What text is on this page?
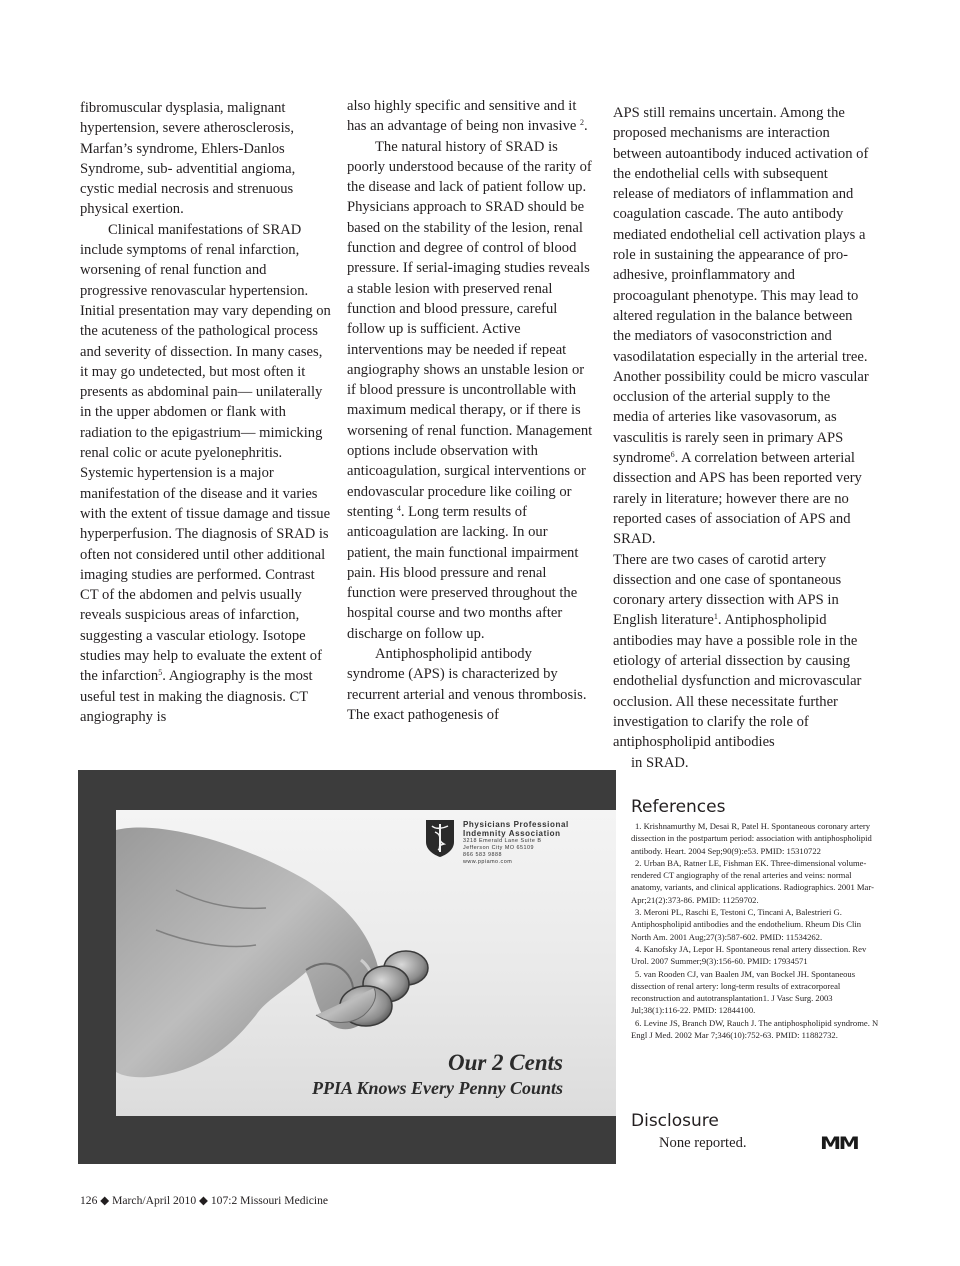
fibromuscular dysplasia, malignant hypertension, severe atherosclerosis, Marfan’s syndrome, Ehlers-Danlos Syndrome, sub- adventitial angioma, cystic medial necrosis and strenuous physical exertion.

Clinical manifestations of SRAD include symptoms of renal infarction, worsening of renal function and progressive renovascular hypertension. Initial presentation may vary depending on the acuteness of the pathological process and severity of dissection. In many cases, it may go undetected, but most often it presents as abdominal pain— unilaterally in the upper abdomen or flank with radiation to the epigastrium— mimicking renal colic or acute pyelonephritis. Systemic hypertension is a major manifestation of the disease and it varies with the extent of tissue damage and tissue hyperperfusion. The diagnosis of SRAD is often not considered until other additional imaging studies are performed. Contrast CT of the abdomen and pelvis usually reveals suspicious areas of infarction, suggesting a vascular etiology. Isotope studies may help to evaluate the extent of the infarction$^5$. Angiography is the most useful test in making the diagnosis. CT angiography is

also highly specific and sensitive and it has an advantage of being non invasive $^2$.

The natural history of SRAD is poorly understood because of the rarity of the disease and lack of patient follow up. Physicians approach to SRAD should be based on the stability of the lesion, renal function and degree of control of blood pressure. If serial-imaging studies reveals a stable lesion with preserved renal function and blood pressure, careful follow up is sufficient. Active interventions may be needed if repeat angiography shows an unstable lesion or if blood pressure is uncontrollable with maximum medical therapy, or if there is worsening of renal function. Management options include observation with anticoagulation, surgical interventions or endovascular procedure like coiling or stenting $^4$. Long term results of anticoagulation are lacking. In our patient, the main functional impairment pain. His blood pressure and renal function were preserved throughout the hospital course and two months after discharge on follow up.

Antiphospholipid antibody syndrome (APS) is characterized by recurrent arterial and venous thrombosis. The exact pathogenesis of

APS still remains uncertain. Among the proposed mechanisms are interaction between autoantibody induced activation of the endothelial cells with subsequent release of mediators of inflammation and coagulation cascade. The auto antibody mediated endothelial cell activation plays a role in sustaining the appearance of pro-adhesive, proinflammatory and procoagulant phenotype. This may lead to altered regulation in the balance between the mediators of vasoconstriction and vasodilatation especially in the arterial tree. Another possibility could be micro vascular occlusion of the arterial supply to the media of arteries like vasovasorum, as vasculitis is rarely seen in primary APS syndrome$^6$. A correlation between arterial dissection and APS has been reported very rarely in literature; however there are no reported cases of association of APS and SRAD.

There are two cases of carotid artery dissection and one case of spontaneous coronary artery dissection with APS in English literature$^1$. Antiphospholipid antibodies may have a possible role in the etiology of arterial dissection by causing endothelial dysfunction and microvascular occlusion. All these necessitate further investigation to clarify the role of antiphospholipid antibodies

in SRAD.

Physicians Professional
Indemnity Association
3218 Emerald Lane Suite B
Jefferson City MO 65109
866 583 9888
www.ppiamo.com
Our 2 Cents
PPIA Knows Every Penny Counts
References

1. Krishnamurthy M, Desai R, Patel H. Spontaneous coronary artery dissection in the postpartum period: association with antiphospholipid antibody. Heart. 2004 Sep;90(9):e53. PMID: 15310722

2. Urban BA, Ratner LE, Fishman EK. Three-dimensional volume-rendered CT angiography of the renal arteries and veins: normal anatomy, variants, and clinical applications. Radiographics. 2001 Mar-Apr;21(2):373-86. PMID: 11259702.

3. Meroni PL, Raschi E, Testoni C, Tincani A, Balestrieri G. Antiphospholipid antibodies and the endothelium. Rheum Dis Clin North Am. 2001 Aug;27(3):587-602. PMID: 11534262.

4. Kanofsky JA, Lepor H. Spontaneous renal artery dissection. Rev Urol. 2007 Summer;9(3):156-60. PMID: 17934571

5. van Rooden CJ, van Baalen JM, van Bockel JH. Spontaneous dissection of renal artery: long-term results of extracorporeal reconstruction and autotransplantation1. J Vasc Surg. 2003 Jul;38(1):116-22. PMID: 12844100.

6. Levine JS, Branch DW, Rauch J. The antiphospholipid syndrome. N Engl J Med. 2002 Mar 7;346(10):752-63. PMID: 11882732.

Disclosure
None reported.	MM
126 ◆ March/April 2010 ◆ 107:2 Missouri Medicine
